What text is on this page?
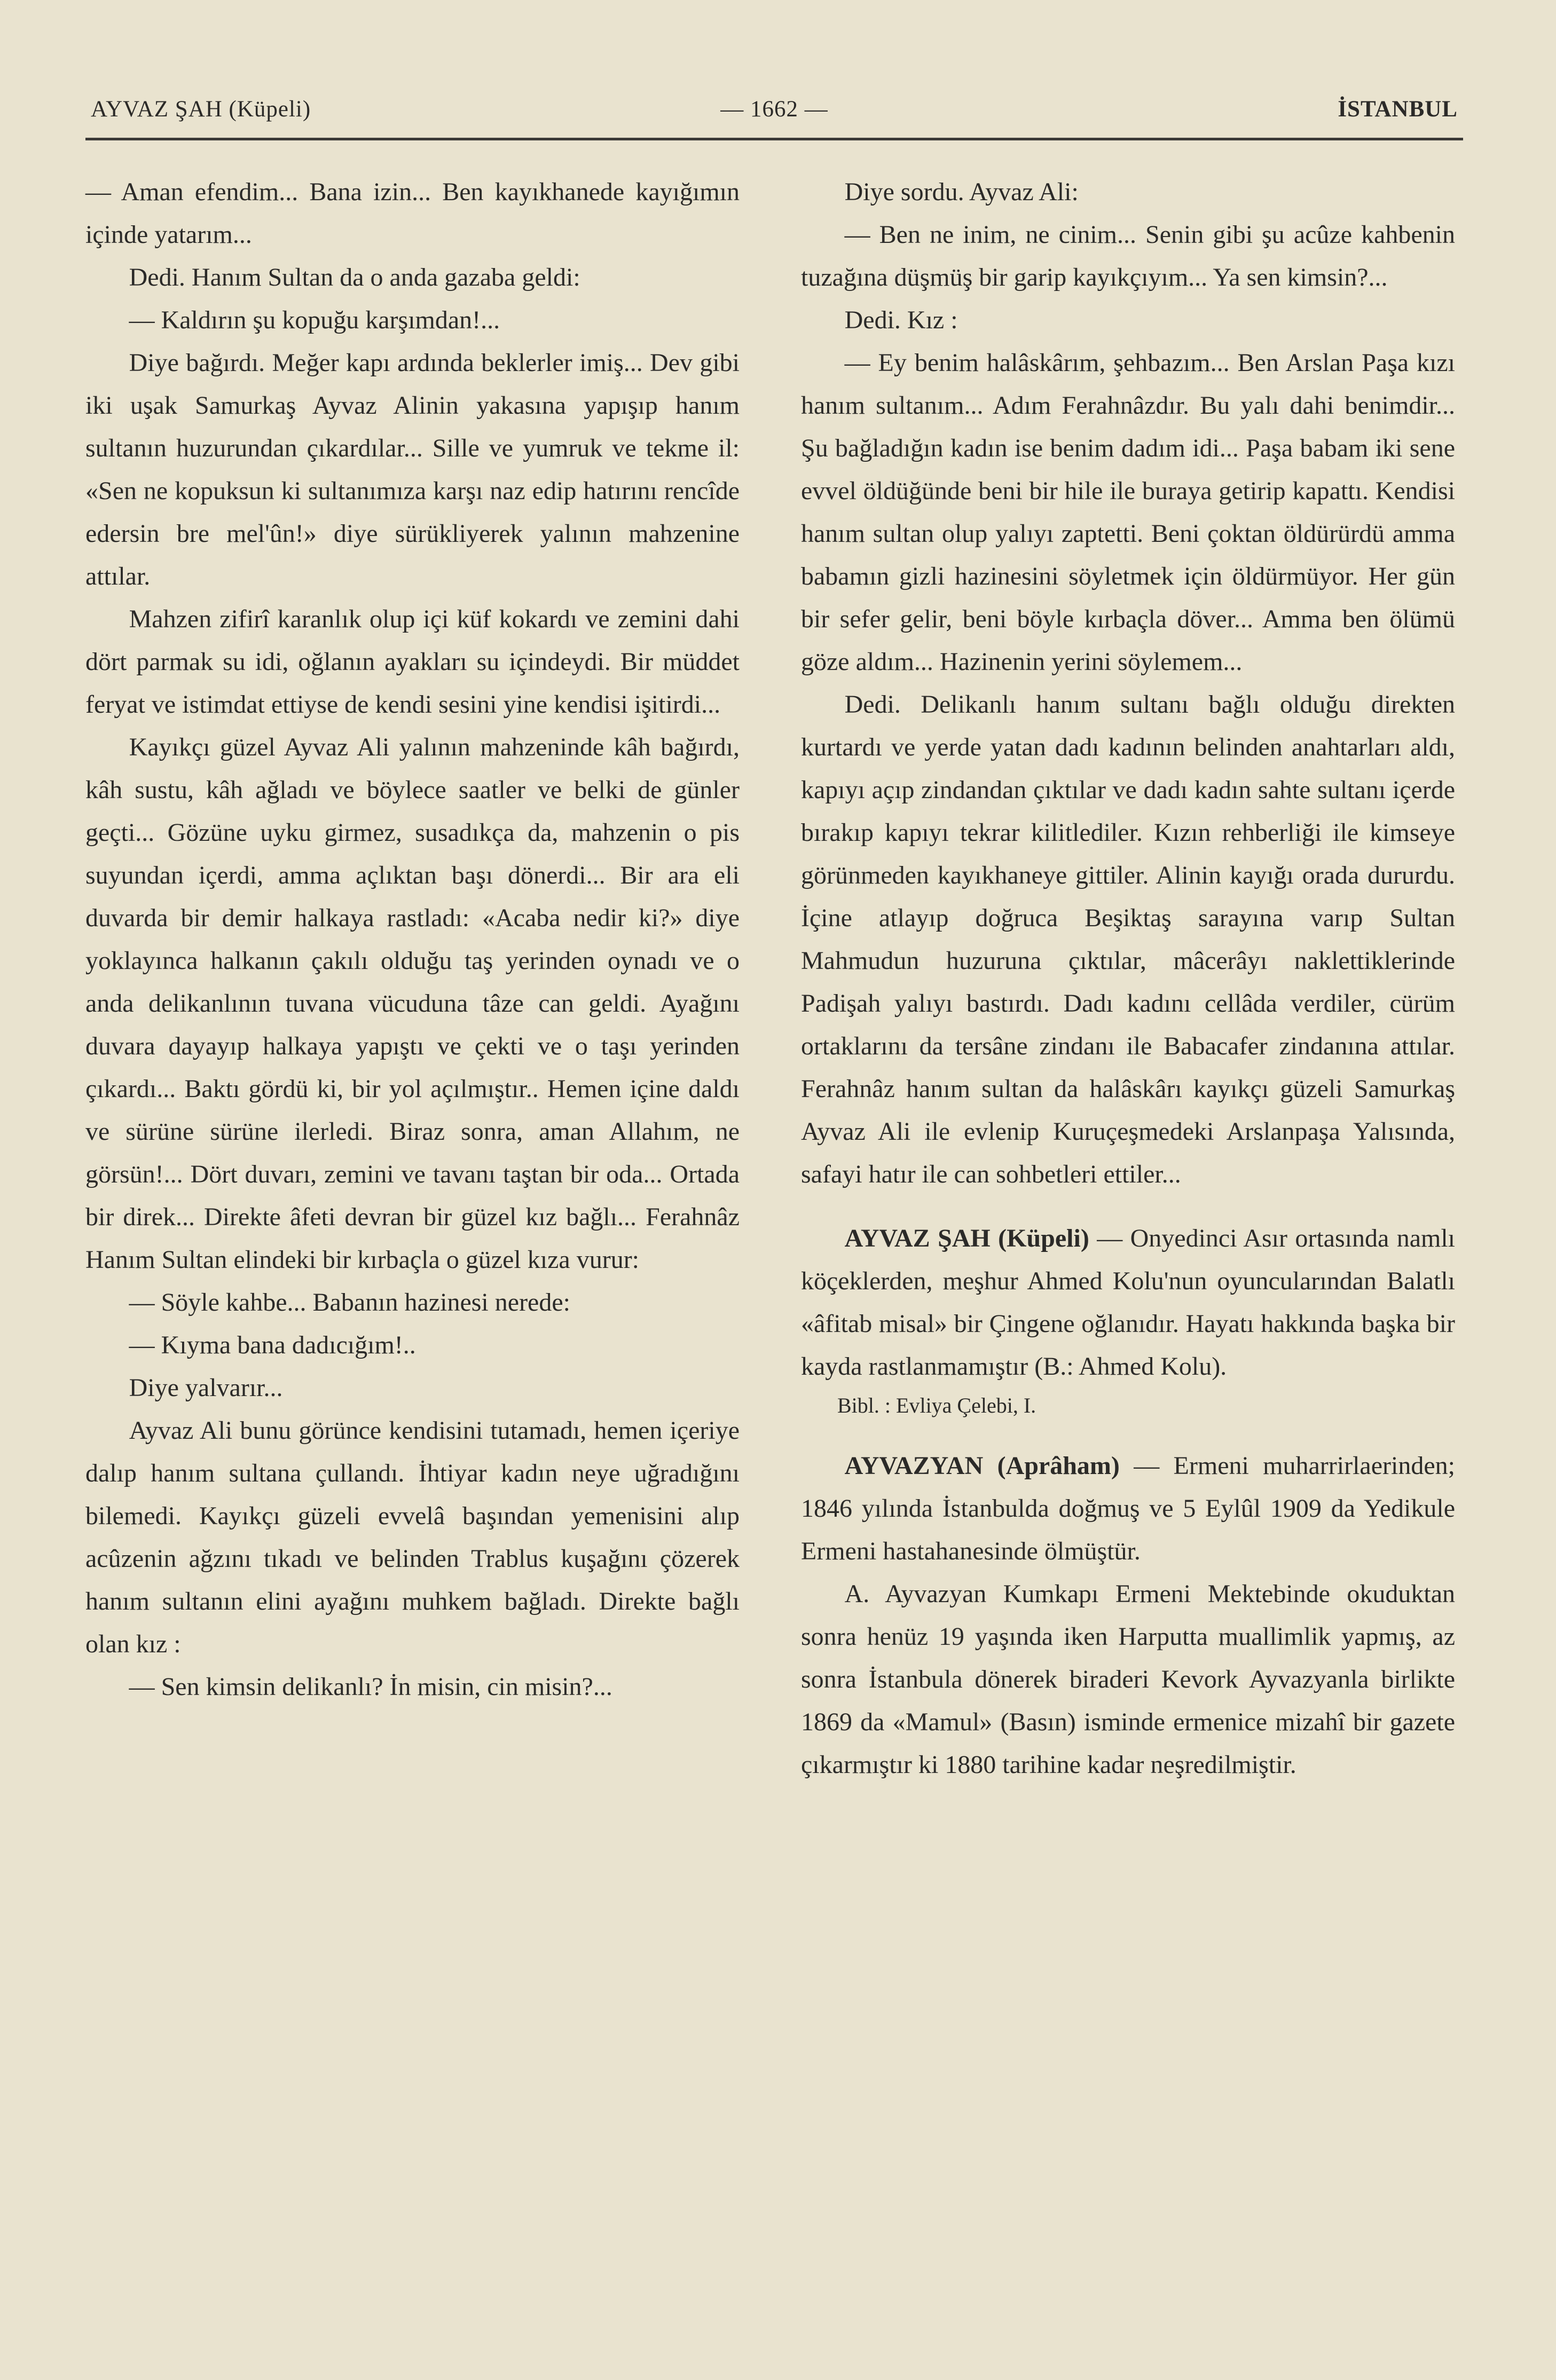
AYVAZ ŞAH (Küpeli)	— 1662 —	İSTANBUL

— Aman efendim... Bana izin... Ben kayıkhanede kayığımın içinde yatarım...

Dedi. Hanım Sultan da o anda gazaba geldi:

— Kaldırın şu kopuğu karşımdan!...

Diye bağırdı. Meğer kapı ardında beklerler imiş... Dev gibi iki uşak Samurkaş Ayvaz Alinin yakasına yapışıp hanım sultanın huzurundan çıkardılar... Sille ve yumruk ve tekme il: «Sen ne kopuksun ki sultanımıza karşı naz edip hatırını rencîde edersin bre mel'ûn!» diye sürükliyerek yalının mahzenine attılar.

Mahzen zifirî karanlık olup içi küf kokardı ve zemini dahi dört parmak su idi, oğlanın ayakları su içindeydi. Bir müddet feryat ve istimdat ettiyse de kendi sesini yine kendisi işitirdi...

Kayıkçı güzel Ayvaz Ali yalının mahzeninde kâh bağırdı, kâh sustu, kâh ağladı ve böylece saatler ve belki de günler geçti... Gözüne uyku girmez, susadıkça da, mahzenin o pis suyundan içerdi, amma açlıktan başı dönerdi... Bir ara eli duvarda bir demir halkaya rastladı: «Acaba nedir ki?» diye yoklayınca halkanın çakılı olduğu taş yerinden oynadı ve o anda delikanlının tuvana vücuduna tâze can geldi. Ayağını duvara dayayıp halkaya yapıştı ve çekti ve o taşı yerinden çıkardı... Baktı gördü ki, bir yol açılmıştır.. Hemen içine daldı ve sürüne sürüne ilerledi. Biraz sonra, aman Allahım, ne görsün!... Dört duvarı, zemini ve tavanı taştan bir oda... Ortada bir direk... Direkte âfeti devran bir güzel kız bağlı... Ferahnâz Hanım Sultan elindeki bir kırbaçla o güzel kıza vurur:

— Söyle kahbe... Babanın hazinesi nerede:

— Kıyma bana dadıcığım!..

Diye yalvarır...

Ayvaz Ali bunu görünce kendisini tutamadı, hemen içeriye dalıp hanım sultana çullandı. İhtiyar kadın neye uğradığını bilemedi. Kayıkçı güzeli evvelâ başından yemenisini alıp acûzenin ağzını tıkadı ve belinden Trablus kuşağını çözerek hanım sultanın elini ayağını muhkem bağladı. Direkte bağlı olan kız :

— Sen kimsin delikanlı? İn misin, cin misin?...

Diye sordu. Ayvaz Ali:

— Ben ne inim, ne cinim... Senin gibi şu acûze kahbenin tuzağına düşmüş bir garip kayıkçıyım... Ya sen kimsin?...

Dedi. Kız :

— Ey benim halâskârım, şehbazım... Ben Arslan Paşa kızı hanım sultanım... Adım Ferahnâzdır. Bu yalı dahi benimdir... Şu bağladığın kadın ise benim dadım idi... Paşa babam iki sene evvel öldüğünde beni bir hile ile buraya getirip kapattı. Kendisi hanım sultan olup yalıyı zaptetti. Beni çoktan öldürürdü amma babamın gizli hazinesini söyletmek için öldürmüyor. Her gün bir sefer gelir, beni böyle kırbaçla döver... Amma ben ölümü göze aldım... Hazinenin yerini söylemem...

Dedi. Delikanlı hanım sultanı bağlı olduğu direkten kurtardı ve yerde yatan dadı kadının belinden anahtarları aldı, kapıyı açıp zindandan çıktılar ve dadı kadın sahte sultanı içerde bırakıp kapıyı tekrar kilitlediler. Kızın rehberliği ile kimseye görünmeden kayıkhaneye gittiler. Alinin kayığı orada dururdu. İçine atlayıp doğruca Beşiktaş sarayına varıp Sultan Mahmudun huzuruna çıktılar, mâcerâyı naklettiklerinde Padişah yalıyı bastırdı. Dadı kadını cellâda verdiler, cürüm ortaklarını da tersâne zindanı ile Babacafer zindanına attılar. Ferahnâz hanım sultan da halâskârı kayıkçı güzeli Samurkaş Ayvaz Ali ile evlenip Kuruçeşmedeki Arslanpaşa Yalısında, safayi hatır ile can sohbetleri ettiler...

AYVAZ ŞAH (Küpeli) — Onyedinci Asır ortasında namlı köçeklerden, meşhur Ahmed Kolu'nun oyuncularından Balatlı «âfitab misal» bir Çingene oğlanıdır. Hayatı hakkında başka bir kayda rastlanmamıştır (B.: Ahmed Kolu).

Bibl. : Evliya Çelebi, I.

AYVAZYAN (Aprâham) — Ermeni muharrirlaerinden; 1846 yılında İstanbulda doğmuş ve 5 Eylûl 1909 da Yedikule Ermeni hastahanesinde ölmüştür.

A. Ayvazyan Kumkapı Ermeni Mektebinde okuduktan sonra henüz 19 yaşında iken Harputta muallimlik yapmış, az sonra İstanbula dönerek biraderi Kevork Ayvazyanla birlikte 1869 da «Mamul» (Basın) isminde ermenice mizahî bir gazete çıkarmıştır ki 1880 tarihine kadar neşredilmiştir.
